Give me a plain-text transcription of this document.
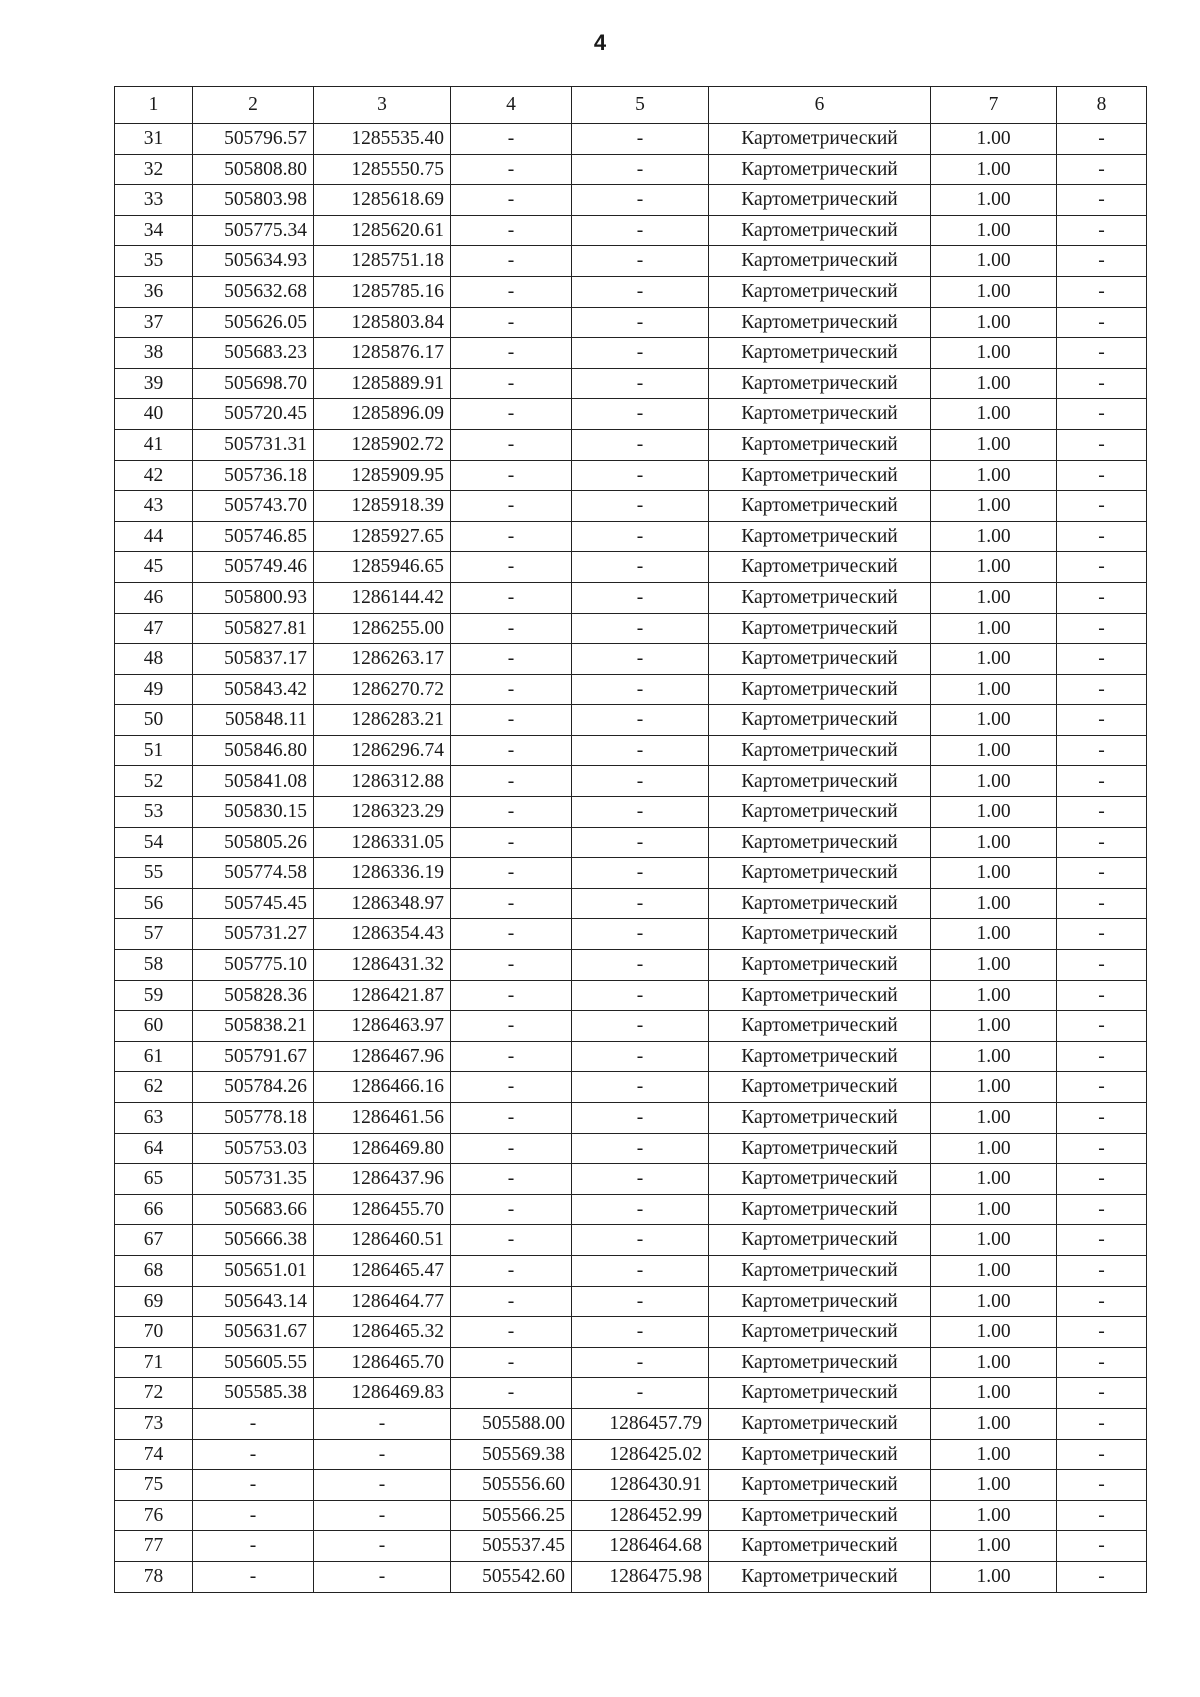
4
1	2	3	4	5	6	7	8
31	505796.57	1285535.40	-	-	Картометрический	1.00	-
32	505808.80	1285550.75	-	-	Картометрический	1.00	-
33	505803.98	1285618.69	-	-	Картометрический	1.00	-
34	505775.34	1285620.61	-	-	Картометрический	1.00	-
35	505634.93	1285751.18	-	-	Картометрический	1.00	-
36	505632.68	1285785.16	-	-	Картометрический	1.00	-
37	505626.05	1285803.84	-	-	Картометрический	1.00	-
38	505683.23	1285876.17	-	-	Картометрический	1.00	-
39	505698.70	1285889.91	-	-	Картометрический	1.00	-
40	505720.45	1285896.09	-	-	Картометрический	1.00	-
41	505731.31	1285902.72	-	-	Картометрический	1.00	-
42	505736.18	1285909.95	-	-	Картометрический	1.00	-
43	505743.70	1285918.39	-	-	Картометрический	1.00	-
44	505746.85	1285927.65	-	-	Картометрический	1.00	-
45	505749.46	1285946.65	-	-	Картометрический	1.00	-
46	505800.93	1286144.42	-	-	Картометрический	1.00	-
47	505827.81	1286255.00	-	-	Картометрический	1.00	-
48	505837.17	1286263.17	-	-	Картометрический	1.00	-
49	505843.42	1286270.72	-	-	Картометрический	1.00	-
50	505848.11	1286283.21	-	-	Картометрический	1.00	-
51	505846.80	1286296.74	-	-	Картометрический	1.00	-
52	505841.08	1286312.88	-	-	Картометрический	1.00	-
53	505830.15	1286323.29	-	-	Картометрический	1.00	-
54	505805.26	1286331.05	-	-	Картометрический	1.00	-
55	505774.58	1286336.19	-	-	Картометрический	1.00	-
56	505745.45	1286348.97	-	-	Картометрический	1.00	-
57	505731.27	1286354.43	-	-	Картометрический	1.00	-
58	505775.10	1286431.32	-	-	Картометрический	1.00	-
59	505828.36	1286421.87	-	-	Картометрический	1.00	-
60	505838.21	1286463.97	-	-	Картометрический	1.00	-
61	505791.67	1286467.96	-	-	Картометрический	1.00	-
62	505784.26	1286466.16	-	-	Картометрический	1.00	-
63	505778.18	1286461.56	-	-	Картометрический	1.00	-
64	505753.03	1286469.80	-	-	Картометрический	1.00	-
65	505731.35	1286437.96	-	-	Картометрический	1.00	-
66	505683.66	1286455.70	-	-	Картометрический	1.00	-
67	505666.38	1286460.51	-	-	Картометрический	1.00	-
68	505651.01	1286465.47	-	-	Картометрический	1.00	-
69	505643.14	1286464.77	-	-	Картометрический	1.00	-
70	505631.67	1286465.32	-	-	Картометрический	1.00	-
71	505605.55	1286465.70	-	-	Картометрический	1.00	-
72	505585.38	1286469.83	-	-	Картометрический	1.00	-
73	-	-	505588.00	1286457.79	Картометрический	1.00	-
74	-	-	505569.38	1286425.02	Картометрический	1.00	-
75	-	-	505556.60	1286430.91	Картометрический	1.00	-
76	-	-	505566.25	1286452.99	Картометрический	1.00	-
77	-	-	505537.45	1286464.68	Картометрический	1.00	-
78	-	-	505542.60	1286475.98	Картометрический	1.00	-
